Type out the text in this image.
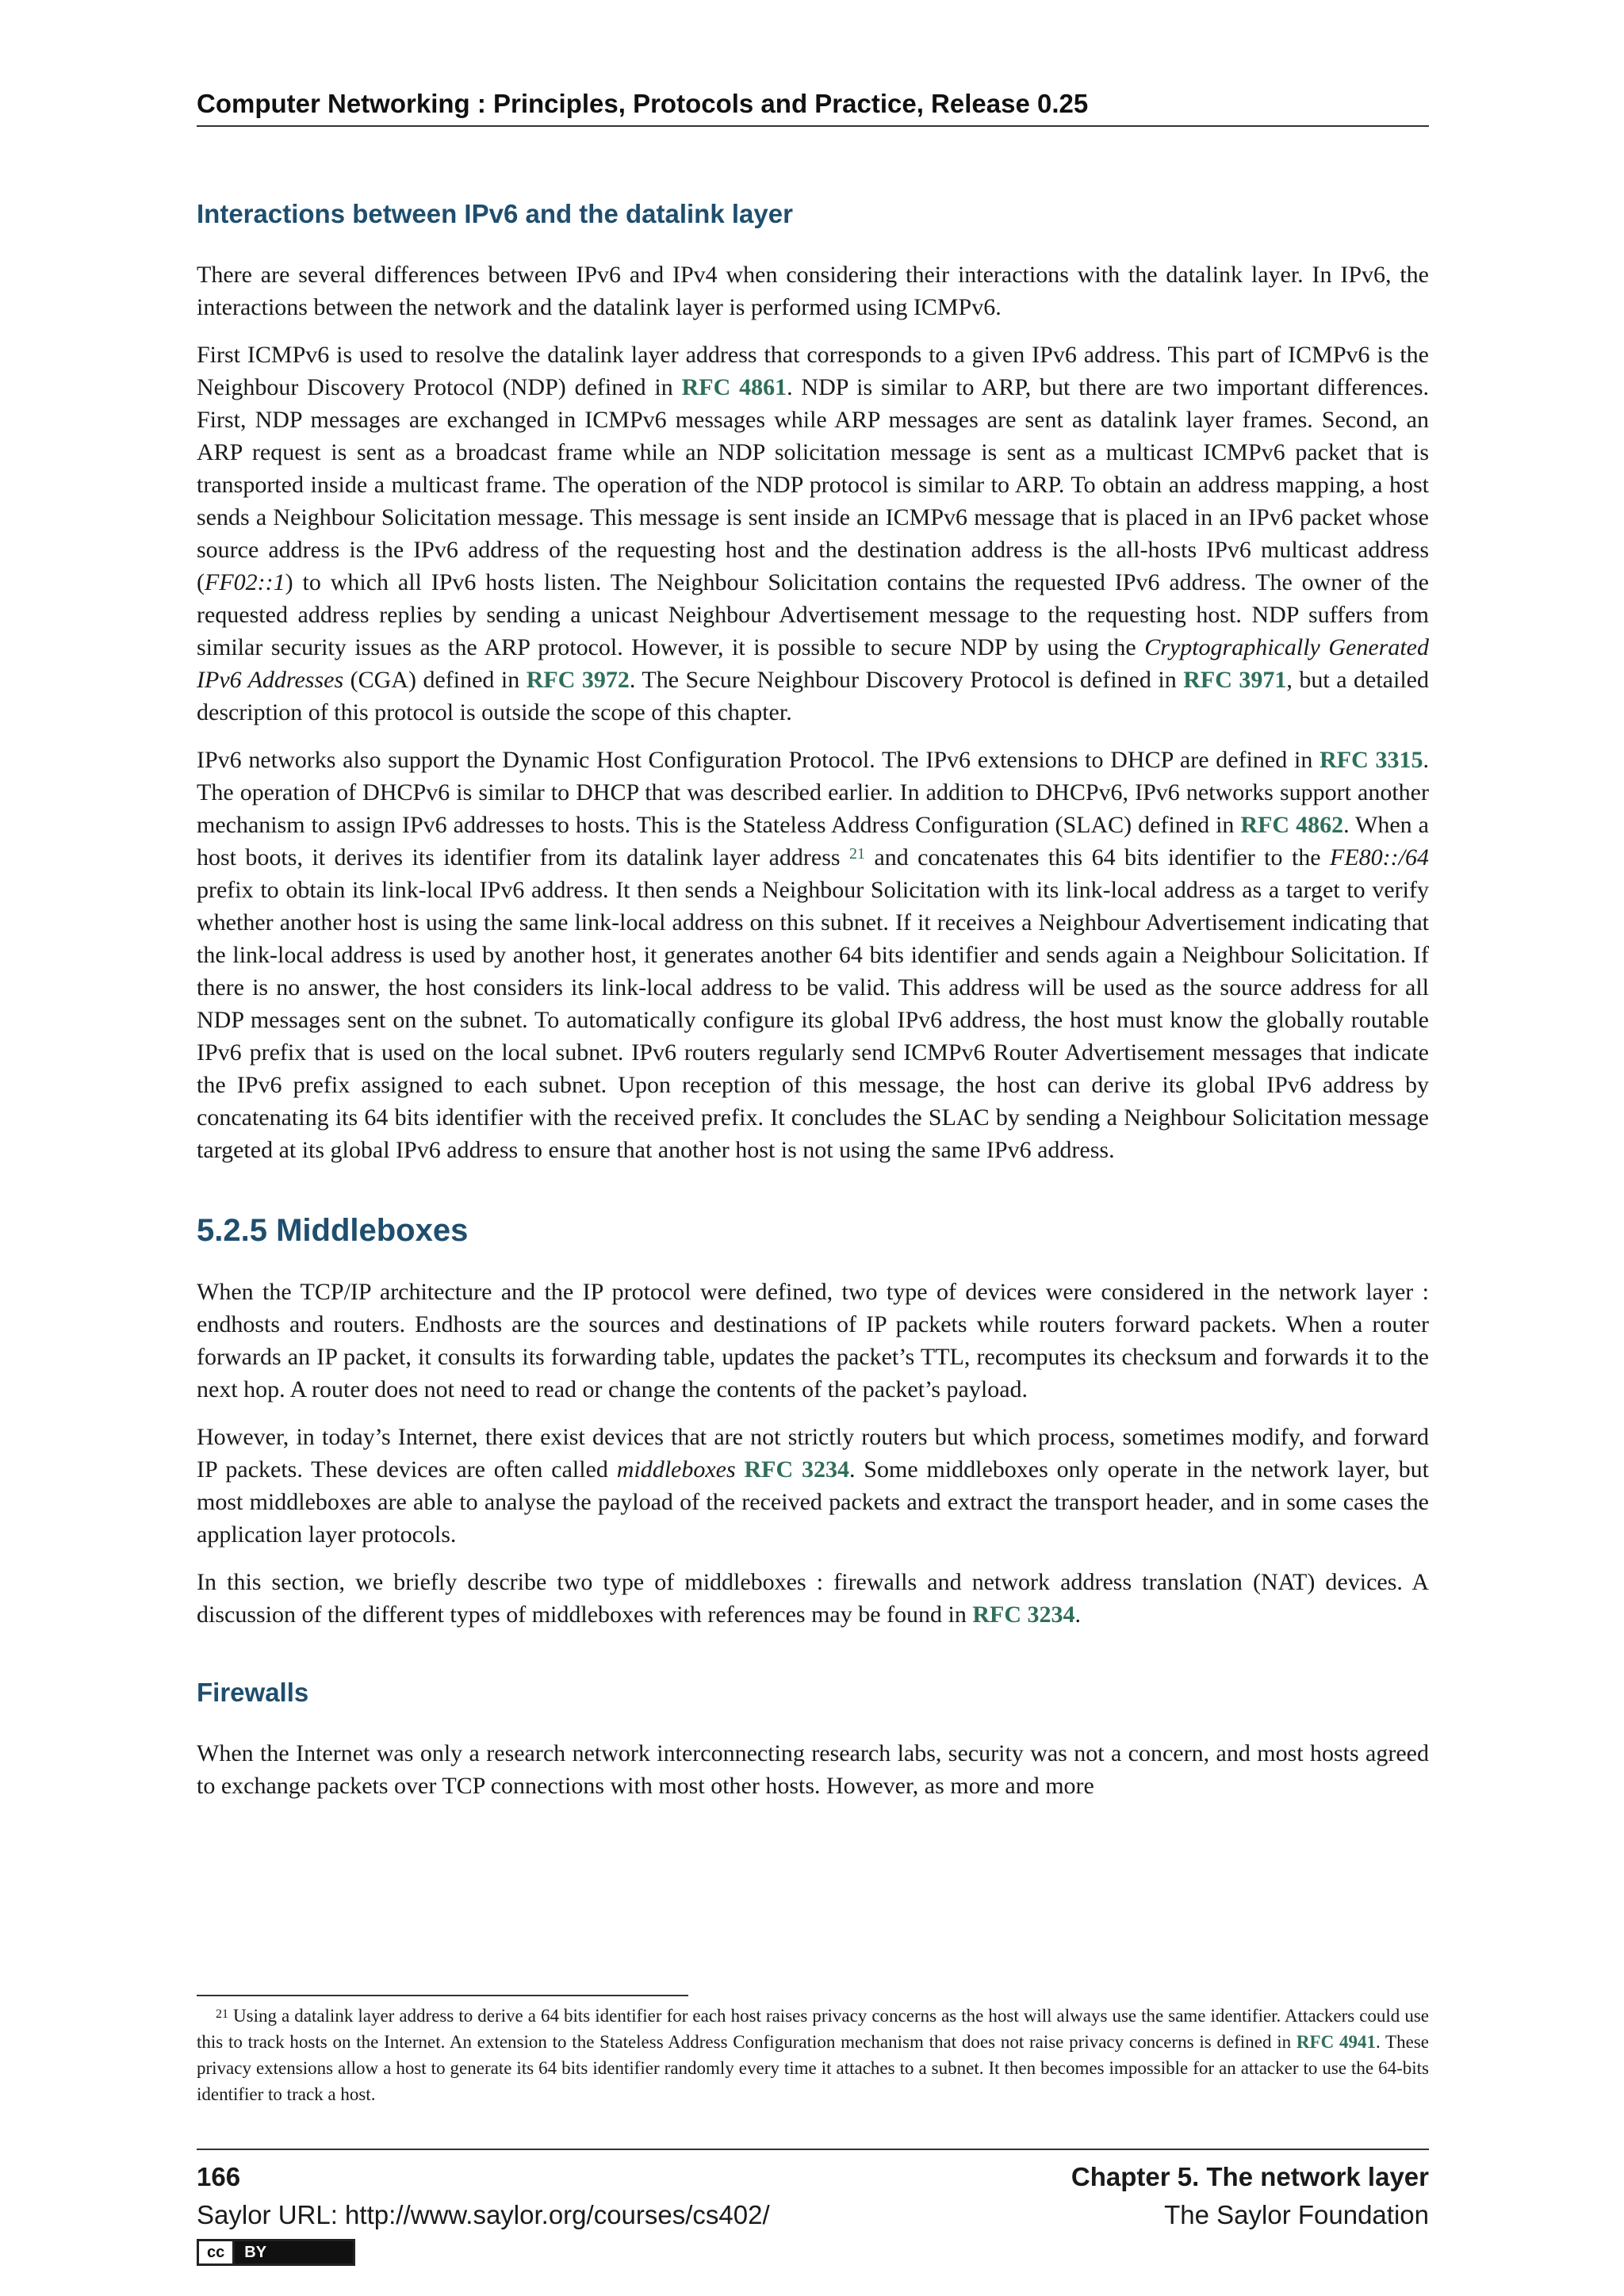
Computer Networking : Principles, Protocols and Practice, Release 0.25
Interactions between IPv6 and the datalink layer

There are several differences between IPv6 and IPv4 when considering their interactions with the datalink layer. In IPv6, the interactions between the network and the datalink layer is performed using ICMPv6.

First ICMPv6 is used to resolve the datalink layer address that corresponds to a given IPv6 address. This part of ICMPv6 is the Neighbour Discovery Protocol (NDP) defined in RFC 4861. NDP is similar to ARP, but there are two important differences. First, NDP messages are exchanged in ICMPv6 messages while ARP messages are sent as datalink layer frames. Second, an ARP request is sent as a broadcast frame while an NDP solicitation message is sent as a multicast ICMPv6 packet that is transported inside a multicast frame. The operation of the NDP protocol is similar to ARP. To obtain an address mapping, a host sends a Neighbour Solicitation message. This message is sent inside an ICMPv6 message that is placed in an IPv6 packet whose source address is the IPv6 address of the requesting host and the destination address is the all-hosts IPv6 multicast address (FF02::1) to which all IPv6 hosts listen. The Neighbour Solicitation contains the requested IPv6 address. The owner of the requested address replies by sending a unicast Neighbour Advertisement message to the requesting host. NDP suffers from similar security issues as the ARP protocol. However, it is possible to secure NDP by using the Cryptographically Generated IPv6 Addresses (CGA) defined in RFC 3972. The Secure Neighbour Discovery Protocol is defined in RFC 3971, but a detailed description of this protocol is outside the scope of this chapter.

IPv6 networks also support the Dynamic Host Configuration Protocol. The IPv6 extensions to DHCP are defined in RFC 3315. The operation of DHCPv6 is similar to DHCP that was described earlier. In addition to DHCPv6, IPv6 networks support another mechanism to assign IPv6 addresses to hosts. This is the Stateless Address Configuration (SLAC) defined in RFC 4862. When a host boots, it derives its identifier from its datalink layer address $^{21}$ and concatenates this 64 bits identifier to the FE80::/64 prefix to obtain its link-local IPv6 address. It then sends a Neighbour Solicitation with its link-local address as a target to verify whether another host is using the same link-local address on this subnet. If it receives a Neighbour Advertisement indicating that the link-local address is used by another host, it generates another 64 bits identifier and sends again a Neighbour Solicitation. If there is no answer, the host considers its link-local address to be valid. This address will be used as the source address for all NDP messages sent on the subnet. To automatically configure its global IPv6 address, the host must know the globally routable IPv6 prefix that is used on the local subnet. IPv6 routers regularly send ICMPv6 Router Advertisement messages that indicate the IPv6 prefix assigned to each subnet. Upon reception of this message, the host can derive its global IPv6 address by concatenating its 64 bits identifier with the received prefix. It concludes the SLAC by sending a Neighbour Solicitation message targeted at its global IPv6 address to ensure that another host is not using the same IPv6 address.

5.2.5 Middleboxes

When the TCP/IP architecture and the IP protocol were defined, two type of devices were considered in the network layer : endhosts and routers. Endhosts are the sources and destinations of IP packets while routers forward packets. When a router forwards an IP packet, it consults its forwarding table, updates the packet’s TTL, recomputes its checksum and forwards it to the next hop. A router does not need to read or change the contents of the packet’s payload.

However, in today’s Internet, there exist devices that are not strictly routers but which process, sometimes modify, and forward IP packets. These devices are often called middleboxes RFC 3234. Some middleboxes only operate in the network layer, but most middleboxes are able to analyse the payload of the received packets and extract the transport header, and in some cases the application layer protocols.

In this section, we briefly describe two type of middleboxes : firewalls and network address translation (NAT) devices. A discussion of the different types of middleboxes with references may be found in RFC 3234.

Firewalls

When the Internet was only a research network interconnecting research labs, security was not a concern, and most hosts agreed to exchange packets over TCP connections with most other hosts. However, as more and more

$^{21}$ Using a datalink layer address to derive a 64 bits identifier for each host raises privacy concerns as the host will always use the same identifier. Attackers could use this to track hosts on the Internet. An extension to the Stateless Address Configuration mechanism that does not raise privacy concerns is defined in RFC 4941. These privacy extensions allow a host to generate its 64 bits identifier randomly every time it attaches to a subnet. It then becomes impossible for an attacker to use the 64-bits identifier to track a host.

166	Chapter 5. The network layer
Saylor URL: http://www.saylor.org/courses/cs402/	The Saylor Foundation
cc	BY
